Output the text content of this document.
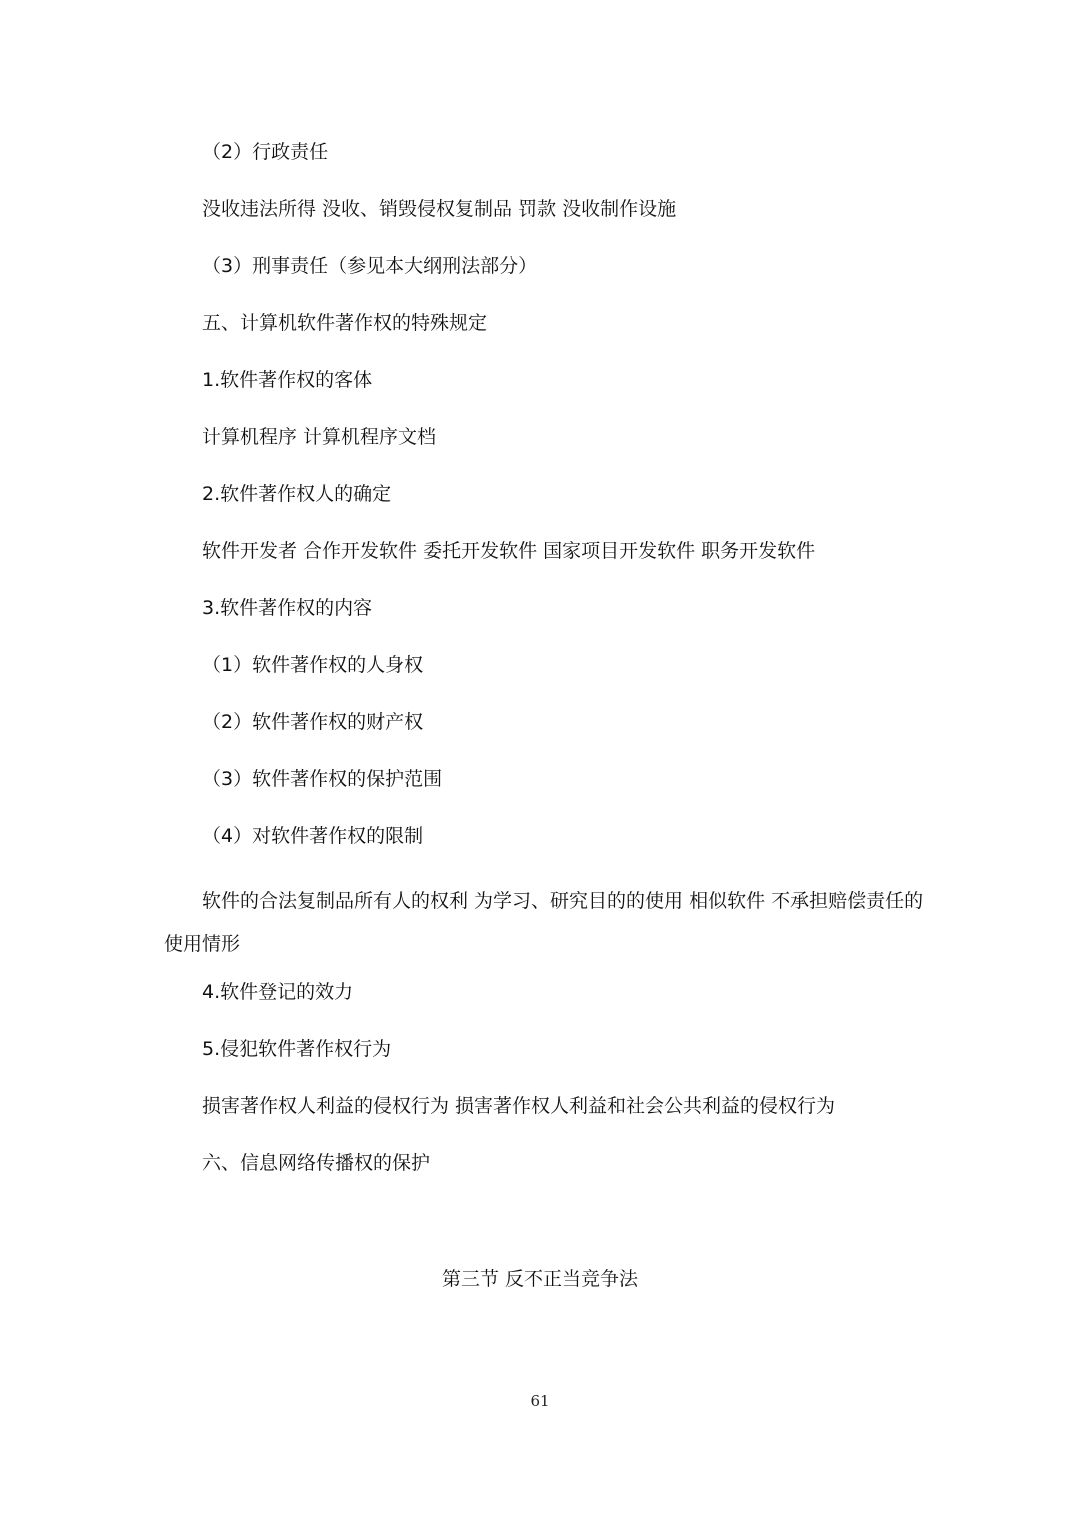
（2）行政责任
没收违法所得 没收、销毁侵权复制品 罚款 没收制作设施
（3）刑事责任（参见本大纲刑法部分）
五、计算机软件著作权的特殊规定
1.软件著作权的客体
计算机程序 计算机程序文档
2.软件著作权人的确定
软件开发者 合作开发软件 委托开发软件 国家项目开发软件 职务开发软件
3.软件著作权的内容
（1）软件著作权的人身权
（2）软件著作权的财产权
（3）软件著作权的保护范围
（4）对软件著作权的限制
软件的合法复制品所有人的权利 为学习、研究目的的使用 相似软件 不承担赔偿责任的使用情形
4.软件登记的效力
5.侵犯软件著作权行为
损害著作权人利益的侵权行为 损害著作权人利益和社会公共利益的侵权行为
六、信息网络传播权的保护
第三节 反不正当竞争法
61
